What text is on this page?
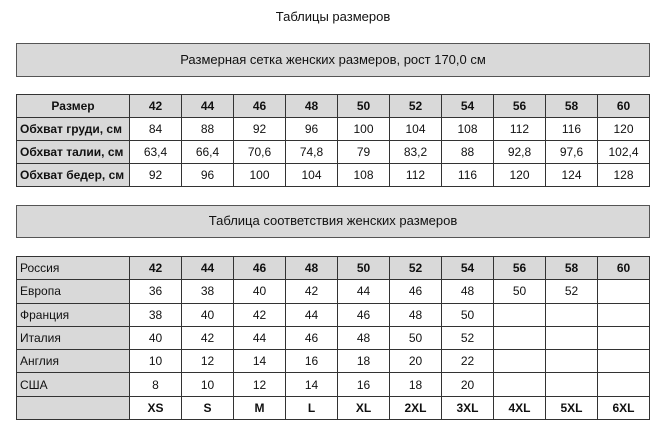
Таблицы размеров
Размерная сетка женских размеров, рост 170,0 см
Размер	42	44	46	48	50	52	54	56	58	60
Обхват груди, см	84	88	92	96	100	104	108	112	116	120
Обхват талии, см	63,4	66,4	70,6	74,8	79	83,2	88	92,8	97,6	102,4
Обхват бедер, см	92	96	100	104	108	112	116	120	124	128
Таблица соответствия женских размеров
Россия	42	44	46	48	50	52	54	56	58	60
Европа	36	38	40	42	44	46	48	50	52	
Франция	38	40	42	44	46	48	50			
Италия	40	42	44	46	48	50	52			
Англия	10	12	14	16	18	20	22			
США	8	10	12	14	16	18	20			
	XS	S	M	L	XL	2XL	3XL	4XL	5XL	6XL
